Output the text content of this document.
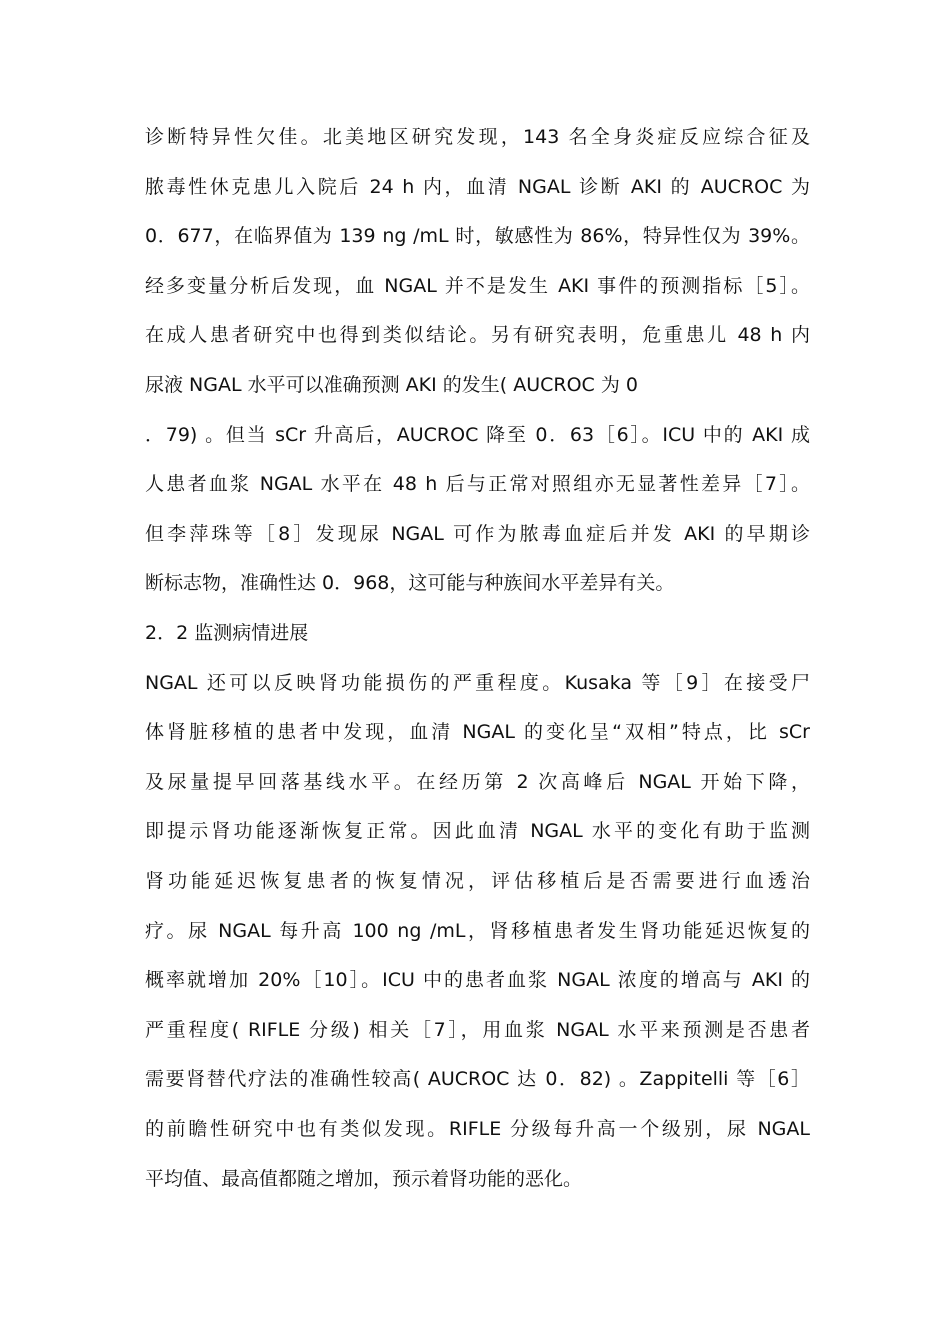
诊断特异性欠佳。北美地区研究发现，143 名全身炎症反应综合征及
脓毒性休克患儿入院后 24 h 内，血清 NGAL 诊断 AKI 的 AUCROC 为
0．677，在临界值为 139 ng /mL 时，敏感性为 86%，特异性仅为 39%。
经多变量分析后发现，血 NGAL 并不是发生 AKI 事件的预测指标［5］。
在成人患者研究中也得到类似结论。另有研究表明，危重患儿 48 h 内
尿液 NGAL 水平可以准确预测 AKI 的发生( AUCROC 为 0
．79) 。但当 sCr 升高后，AUCROC 降至 0．63［6］。ICU 中的 AKI 成
人患者血浆 NGAL 水平在 48 h 后与正常对照组亦无显著性差异［7］。
但李萍珠等［8］发现尿 NGAL 可作为脓毒血症后并发 AKI 的早期诊
断标志物，准确性达 0．968，这可能与种族间水平差异有关。
2．2 监测病情进展
NGAL 还可以反映肾功能损伤的严重程度。Kusaka 等［9］在接受尸
体肾脏移植的患者中发现，血清 NGAL 的变化呈“双相”特点，比 sCr
及尿量提早回落基线水平。在经历第 2 次高峰后 NGAL 开始下降，
即提示肾功能逐渐恢复正常。因此血清 NGAL 水平的变化有助于监测
肾功能延迟恢复患者的恢复情况，评估移植后是否需要进行血透治
疗。尿 NGAL 每升高 100 ng /mL，肾移植患者发生肾功能延迟恢复的
概率就增加 20%［10］。ICU 中的患者血浆 NGAL 浓度的增高与 AKI 的
严重程度( RIFLE 分级) 相关［7］，用血浆 NGAL 水平来预测是否患者
需要肾替代疗法的准确性较高( AUCROC 达 0．82) 。Zappitelli 等［6］
的前瞻性研究中也有类似发现。RIFLE 分级每升高一个级别，尿 NGAL
平均值、最高值都随之增加，预示着肾功能的恶化。
